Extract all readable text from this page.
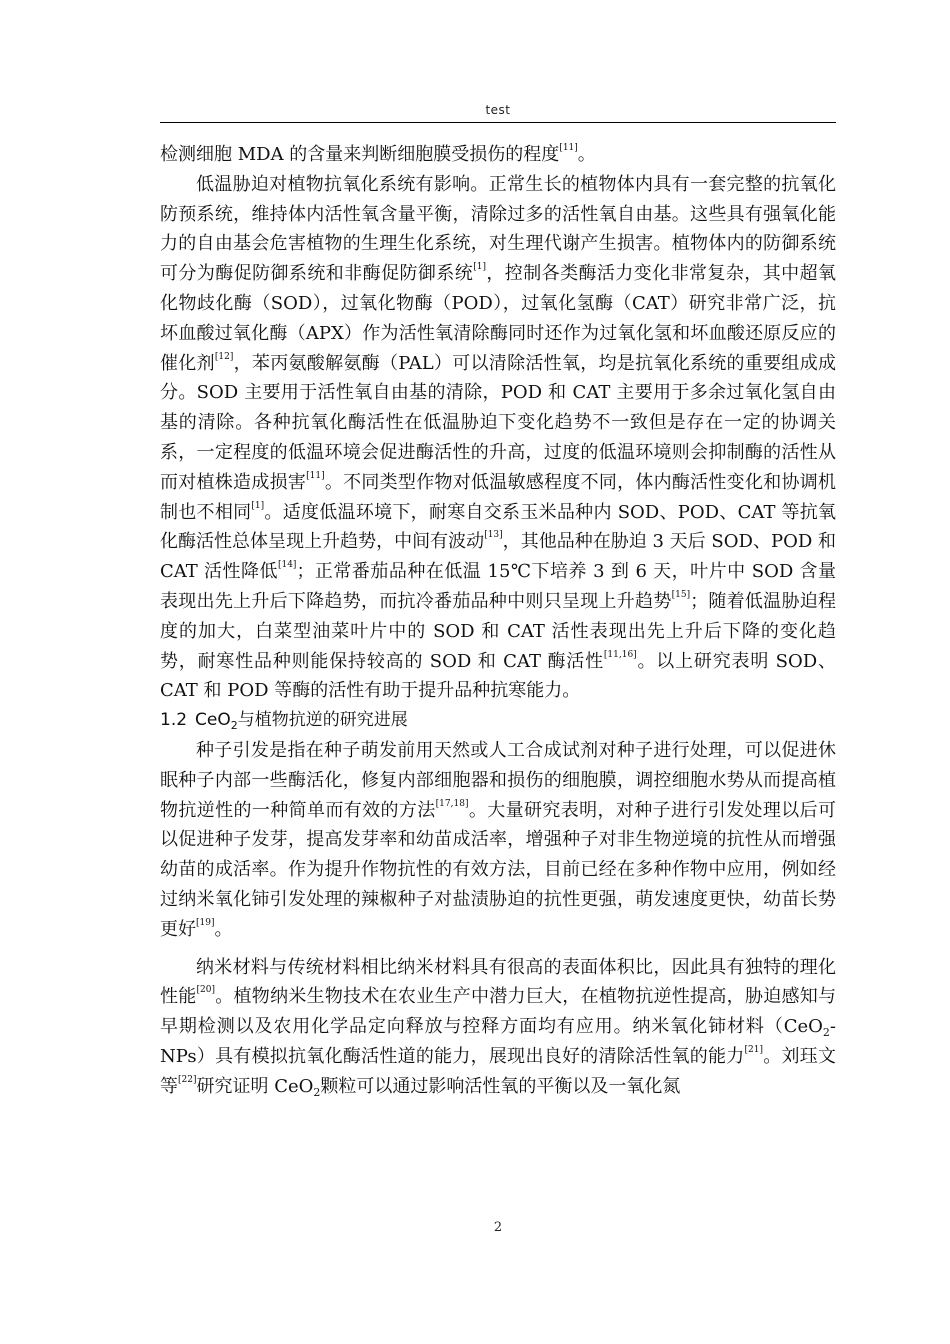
test

检测细胞 MDA 的含量来判断细胞膜受损伤的程度[11]。

低温胁迫对植物抗氧化系统有影响。正常生长的植物体内具有一套完整的抗氧化防预系统，维持体内活性氧含量平衡，清除过多的活性氧自由基。这些具有强氧化能力的自由基会危害植物的生理生化系统，对生理代谢产生损害。植物体内的防御系统可分为酶促防御系统和非酶促防御系统[1]，控制各类酶活力变化非常复杂，其中超氧化物歧化酶（SOD），过氧化物酶（POD），过氧化氢酶（CAT）研究非常广泛，抗坏血酸过氧化酶（APX）作为活性氧清除酶同时还作为过氧化氢和坏血酸还原反应的催化剂[12]，苯丙氨酸解氨酶（PAL）可以清除活性氧，均是抗氧化系统的重要组成成分。SOD 主要用于活性氧自由基的清除，POD 和 CAT 主要用于多余过氧化氢自由基的清除。各种抗氧化酶活性在低温胁迫下变化趋势不一致但是存在一定的协调关系，一定程度的低温环境会促进酶活性的升高，过度的低温环境则会抑制酶的活性从而对植株造成损害[11]。不同类型作物对低温敏感程度不同，体内酶活性变化和协调机制也不相同[1]。适度低温环境下，耐寒自交系玉米品种内 SOD、POD、CAT 等抗氧化酶活性总体呈现上升趋势，中间有波动[13]，其他品种在胁迫 3 天后 SOD、POD 和 CAT 活性降低[14]；正常番茄品种在低温 15℃下培养 3 到 6 天，叶片中 SOD 含量表现出先上升后下降趋势，而抗冷番茄品种中则只呈现上升趋势[15]；随着低温胁迫程度的加大，白菜型油菜叶片中的 SOD 和 CAT 活性表现出先上升后下降的变化趋势，耐寒性品种则能保持较高的 SOD 和 CAT 酶活性[11,16]。以上研究表明 SOD、CAT 和 POD 等酶的活性有助于提升品种抗寒能力。

1.2 CeO$_2$与植物抗逆的研究进展

种子引发是指在种子萌发前用天然或人工合成试剂对种子进行处理，可以促进休眠种子内部一些酶活化，修复内部细胞器和损伤的细胞膜，调控细胞水势从而提高植物抗逆性的一种简单而有效的方法[17,18]。大量研究表明，对种子进行引发处理以后可以促进种子发芽，提高发芽率和幼苗成活率，增强种子对非生物逆境的抗性从而增强幼苗的成活率。作为提升作物抗性的有效方法，目前已经在多种作物中应用，例如经过纳米氧化铈引发处理的辣椒种子对盐渍胁迫的抗性更强，萌发速度更快，幼苗长势更好[19]。

纳米材料与传统材料相比纳米材料具有很高的表面体积比，因此具有独特的理化性能[20]。植物纳米生物技术在农业生产中潜力巨大，在植物抗逆性提高，胁迫感知与早期检测以及农用化学品定向释放与控释方面均有应用。纳米氧化铈材料（CeO$_2$-NPs）具有模拟抗氧化酶活性道的能力，展现出良好的清除活性氧的能力[21]。刘珏文等[22]研究证明 CeO$_2$颗粒可以通过影响活性氧的平衡以及一氧化氮

2
